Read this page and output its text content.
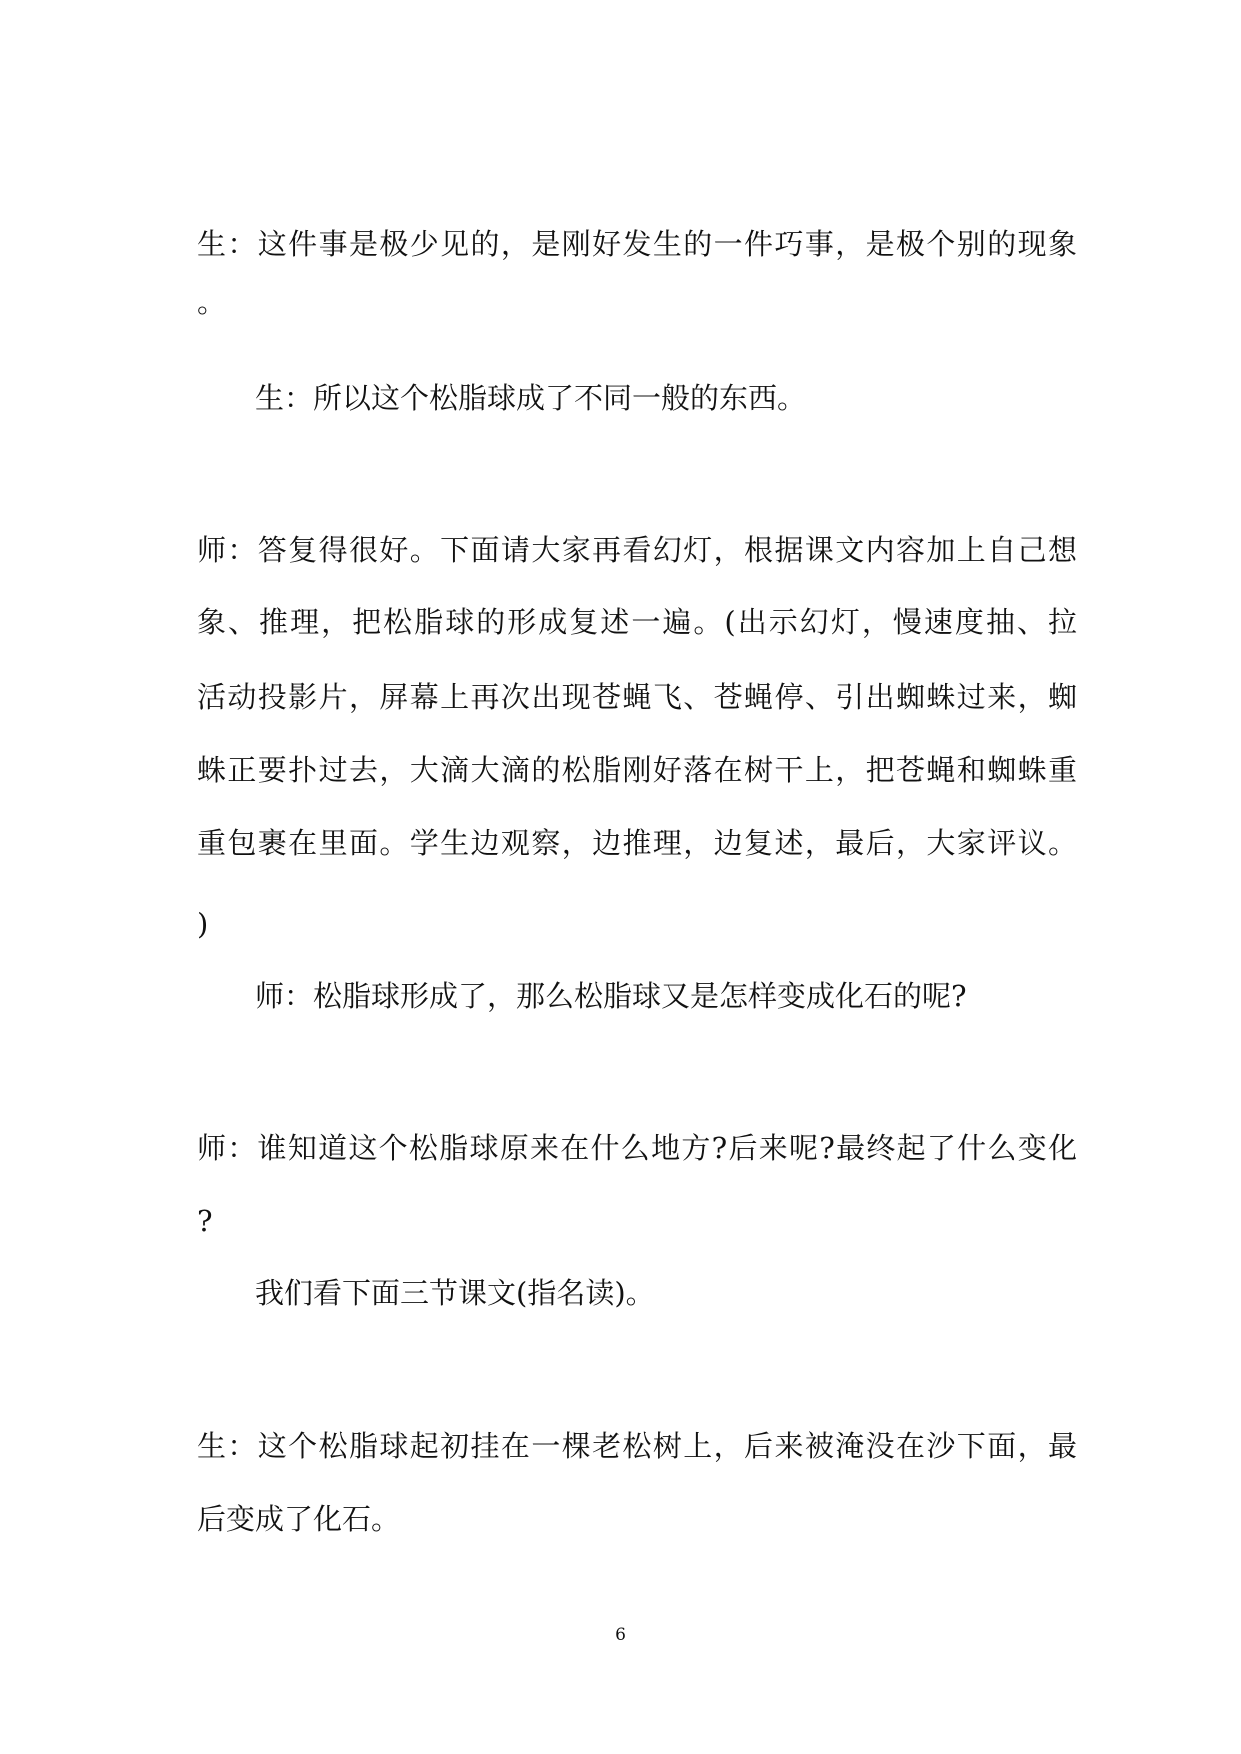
生：这件事是极少见的，是刚好发生的一件巧事，是极个别的现象
。
生：所以这个松脂球成了不同一般的东西。
师：答复得很好。下面请大家再看幻灯，根据课文内容加上自己想
象、推理，把松脂球的形成复述一遍。(出示幻灯，慢速度抽、拉
活动投影片，屏幕上再次出现苍蝇飞、苍蝇停、引出蜘蛛过来，蜘
蛛正要扑过去，大滴大滴的松脂刚好落在树干上，把苍蝇和蜘蛛重
重包裹在里面。学生边观察，边推理，边复述，最后，大家评议。
)
师：松脂球形成了，那么松脂球又是怎样变成化石的呢?
师：谁知道这个松脂球原来在什么地方?后来呢?最终起了什么变化
?
我们看下面三节课文(指名读)。
生：这个松脂球起初挂在一棵老松树上，后来被淹没在沙下面，最
后变成了化石。
6
